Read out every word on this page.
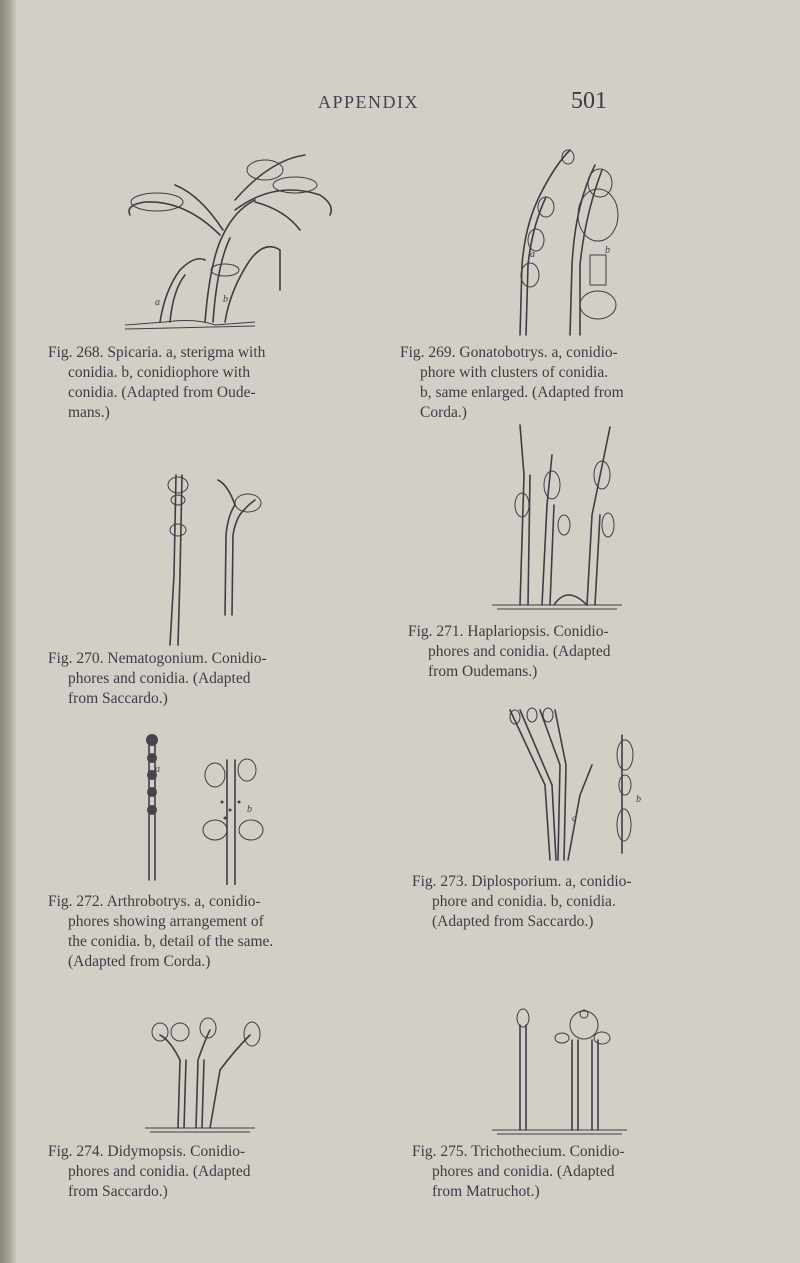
APPENDIX	501
a	b
Fig. 268. Spicaria. a, sterigma with
conidia. b, conidiophore with
conidia. (Adapted from Oude-
mans.)
a	b
Fig. 269. Gonatobotrys. a, conidio-
phore with clusters of conidia.
b, same enlarged. (Adapted from
Corda.)
Fig. 270. Nematogonium. Conidio-
phores and conidia. (Adapted
from Saccardo.)
Fig. 271. Haplariopsis. Conidio-
phores and conidia. (Adapted
from Oudemans.)
a
b
Fig. 272. Arthrobotrys. a, conidio-
phores showing arrangement of
the conidia. b, detail of the same.
(Adapted from Corda.)
a
b
Fig. 273. Diplosporium. a, conidio-
phore and conidia. b, conidia.
(Adapted from Saccardo.)
Fig. 274. Didymopsis. Conidio-
phores and conidia. (Adapted
from Saccardo.)
Fig. 275. Trichothecium. Conidio-
phores and conidia. (Adapted
from Matruchot.)
